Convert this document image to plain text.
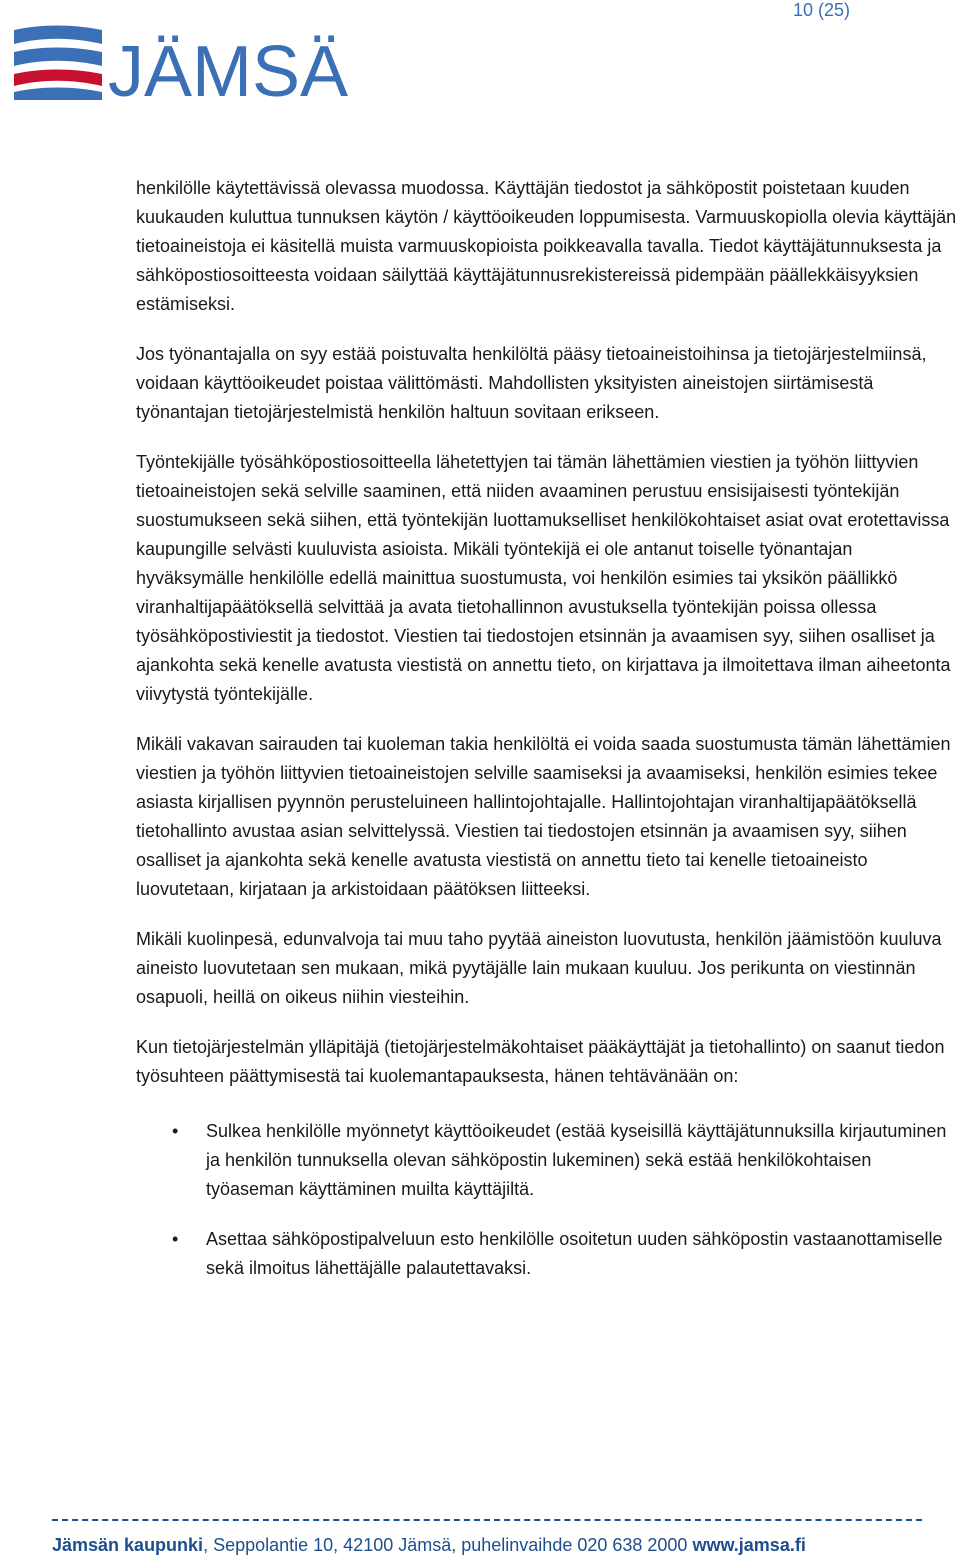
10 (25)
JÄMSÄ

henkilölle käytettävissä olevassa muodossa. Käyttäjän tiedostot ja sähköpostit poistetaan kuuden kuukauden kuluttua tunnuksen käytön / käyttöoikeuden loppumisesta. Varmuuskopiolla olevia käyttäjän tietoaineistoja ei käsitellä muista varmuuskopioista poikkeavalla tavalla. Tiedot käyttäjätunnuksesta ja sähköpostiosoitteesta voidaan säilyttää käyttäjätunnusrekistereissä pidempään päällekkäisyyksien estämiseksi.

Jos työnantajalla on syy estää poistuvalta henkilöltä pääsy tietoaineistoihinsa ja tietojärjestelmiinsä, voidaan käyttöoikeudet poistaa välittömästi. Mahdollisten yksityisten aineistojen siirtämisestä työnantajan tietojärjestelmistä henkilön haltuun sovitaan erikseen.

Työntekijälle työsähköpostiosoitteella lähetettyjen tai tämän lähettämien viestien ja työhön liittyvien tietoaineistojen sekä selville saaminen, että niiden avaaminen perustuu ensisijaisesti työntekijän suostumukseen sekä siihen, että työntekijän luottamukselliset henkilökohtaiset asiat ovat erotettavissa kaupungille selvästi kuuluvista asioista. Mikäli työntekijä ei ole antanut toiselle työnantajan hyväksymälle henkilölle edellä mainittua suostumusta, voi henkilön esimies tai yksikön päällikkö viranhaltijapäätöksellä selvittää ja avata tietohallinnon avustuksella työntekijän poissa ollessa työsähköpostiviestit ja tiedostot. Viestien tai tiedostojen etsinnän ja avaamisen syy, siihen osalliset ja ajankohta sekä kenelle avatusta viestistä on annettu tieto, on kirjattava ja ilmoitettava ilman aiheetonta viivytystä työntekijälle.

Mikäli vakavan sairauden tai kuoleman takia henkilöltä ei voida saada suostumusta tämän lähettämien viestien ja työhön liittyvien tietoaineistojen selville saamiseksi ja avaamiseksi, henkilön esimies tekee asiasta kirjallisen pyynnön perusteluineen hallintojohtajalle. Hallintojohtajan viranhaltijapäätöksellä tietohallinto avustaa asian selvittelyssä. Viestien tai tiedostojen etsinnän ja avaamisen syy, siihen osalliset ja ajankohta sekä kenelle avatusta viestistä on annettu tieto tai kenelle tietoaineisto luovutetaan, kirjataan ja arkistoidaan päätöksen liitteeksi.

Mikäli kuolinpesä, edunvalvoja tai muu taho pyytää aineiston luovutusta, henkilön jäämistöön kuuluva aineisto luovutetaan sen mukaan, mikä pyytäjälle lain mukaan kuuluu. Jos perikunta on viestinnän osapuoli, heillä on oikeus niihin viesteihin.

Kun tietojärjestelmän ylläpitäjä (tietojärjestelmäkohtaiset pääkäyttäjät ja tietohallinto) on saanut tiedon työsuhteen päättymisestä tai kuolemantapauksesta, hänen tehtävänään on:

• Sulkea henkilölle myönnetyt käyttöoikeudet (estää kyseisillä käyttäjätunnuksilla kirjautuminen ja henkilön tunnuksella olevan sähköpostin lukeminen) sekä estää henkilökohtaisen työaseman käyttäminen muilta käyttäjiltä.
• Asettaa sähköpostipalveluun esto henkilölle osoitetun uuden sähköpostin vastaanottamiselle sekä ilmoitus lähettäjälle palautettavaksi.
Jämsän kaupunki, Seppolantie 10, 42100 Jämsä, puhelinvaihde 020 638 2000 www.jamsa.fi
